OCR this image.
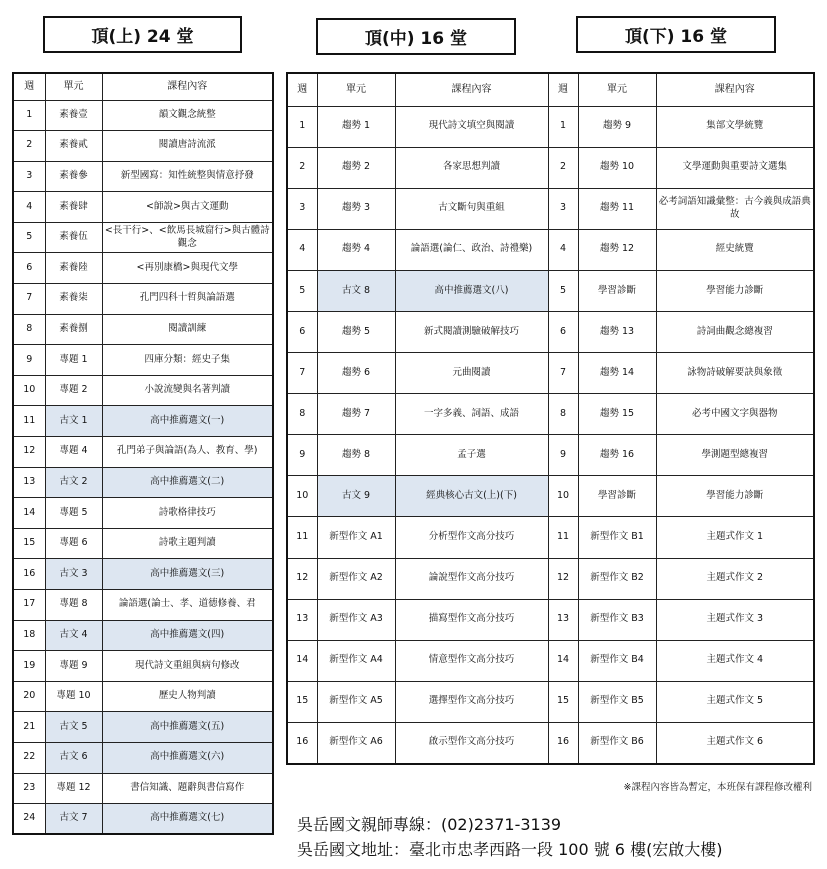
頂(上) 24 堂	頂(中) 16 堂	頂(下) 16 堂
週	單元	課程內容
1	素養壹	韻文觀念統整
2	素養貳	閱讀唐詩流派
3	素養參	新型國寫：知性統整與情意抒發
4	素養肆	<師說>與古文運動
5	素養伍	<長干行>、<飲馬長城窟行>與古體詩觀念
6	素養陸	<再別康橋>與現代文學
7	素養柒	孔門四科十哲與論語選
8	素養捌	閱讀訓練
9	專題 1	四庫分類：經史子集
10	專題 2	小說流變與名著判讀
11	古文 1	高中推薦選文(一)
12	專題 4	孔門弟子與論語(為人、教育、學)
13	古文 2	高中推薦選文(二)
14	專題 5	詩歌格律技巧
15	專題 6	詩歌主題判讀
16	古文 3	高中推薦選文(三)
17	專題 8	論語選(論士、孝、道德修養、君
18	古文 4	高中推薦選文(四)
19	專題 9	現代詩文重組與病句修改
20	專題 10	歷史人物判讀
21	古文 5	高中推薦選文(五)
22	古文 6	高中推薦選文(六)
23	專題 12	書信知識、題辭與書信寫作
24	古文 7	高中推薦選文(七)
週	單元	課程內容	週	單元	課程內容
1	趨勢 1	現代詩文填空與閱讀	1	趨勢 9	集部文學統覽
2	趨勢 2	各家思想判讀	2	趨勢 10	文學運動與重要詩文選集
3	趨勢 3	古文斷句與重組	3	趨勢 11	必考詞語知識彙整：古今義與成語典故
4	趨勢 4	論語選(論仁、政治、詩禮樂)	4	趨勢 12	經史統覽
5	古文 8	高中推薦選文(八)	5	學習診斷	學習能力診斷
6	趨勢 5	新式閱讀測驗破解技巧	6	趨勢 13	詩詞曲觀念總複習
7	趨勢 6	元曲閱讀	7	趨勢 14	詠物詩破解要訣與象徵
8	趨勢 7	一字多義、詞語、成語	8	趨勢 15	必考中國文字與器物
9	趨勢 8	孟子選	9	趨勢 16	學測題型總複習
10	古文 9	經典核心古文(上)(下)	10	學習診斷	學習能力診斷
11	新型作文 A1	分析型作文高分技巧	11	新型作文 B1	主題式作文 1
12	新型作文 A2	論說型作文高分技巧	12	新型作文 B2	主題式作文 2
13	新型作文 A3	描寫型作文高分技巧	13	新型作文 B3	主題式作文 3
14	新型作文 A4	情意型作文高分技巧	14	新型作文 B4	主題式作文 4
15	新型作文 A5	選擇型作文高分技巧	15	新型作文 B5	主題式作文 5
16	新型作文 A6	啟示型作文高分技巧	16	新型作文 B6	主題式作文 6
※課程內容皆為暫定，本班保有課程修改權利
吳岳國文親師專線：(02)2371-3139
吳岳國文地址：臺北市忠孝西路一段 100 號 6 樓(宏啟大樓)
